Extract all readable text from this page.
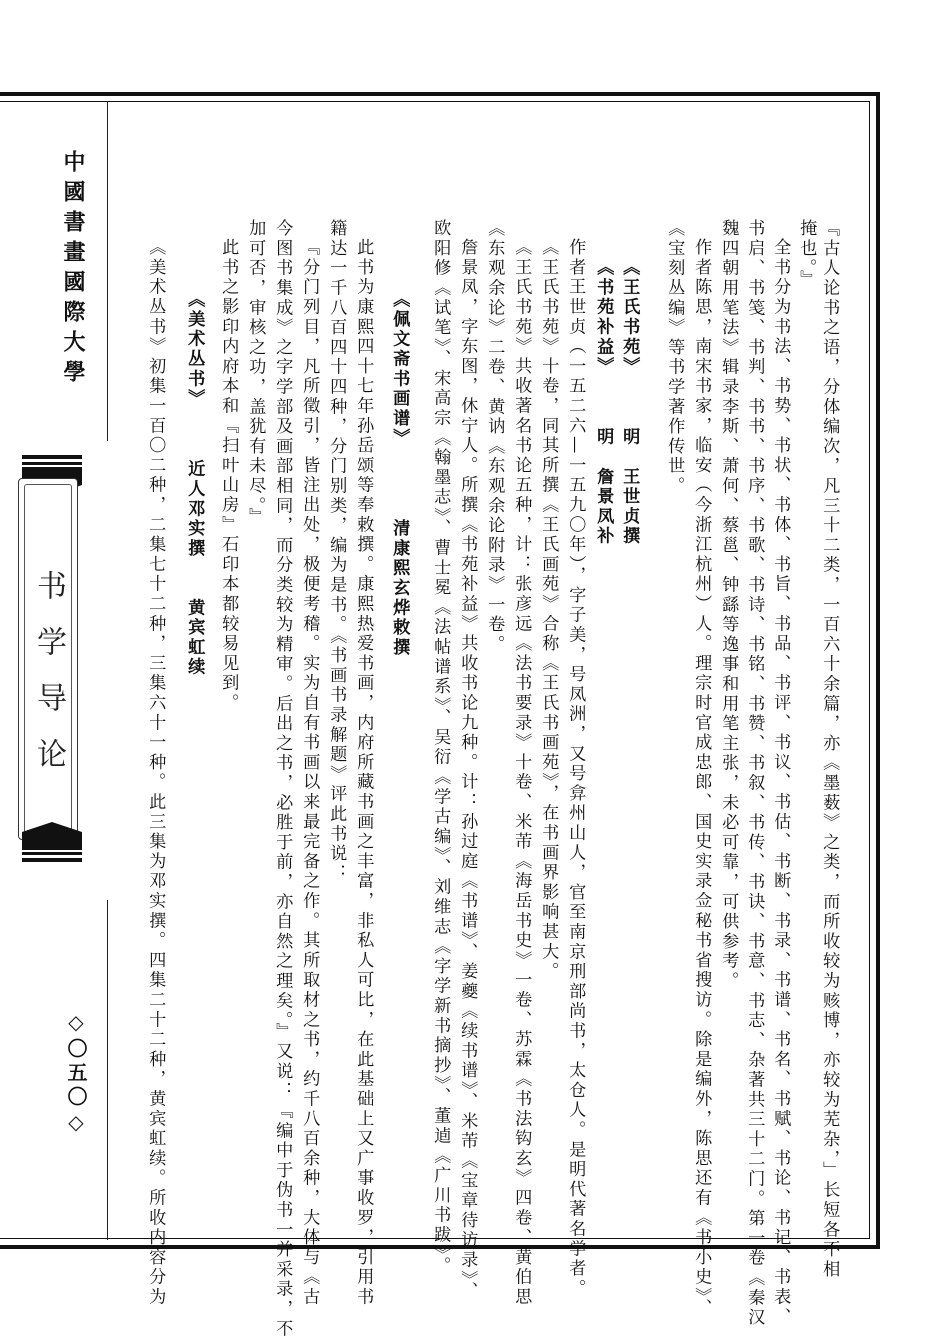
中國書畫國際大學
书学导论
◇〇五〇◇	『古人论书之语，分体编次，凡三十二类，一百六十余篇，亦《墨薮》之类，而所收较为赅博，亦较为芜杂，」长短各不相
掩也。』
全书分为书法、书势、书状、书体、书旨、书品、书评、书议、书估、书断、书录、书谱、书名、书赋、书论、书记、书表、
书启、书笺、书判、书书、书序、书歌、书诗、书铭、书赞、书叙、书传、书诀、书意、书志、杂著共三十二门。第一卷《秦汉
魏四朝用笔法》辑录李斯、萧何、蔡邕、钟繇等逸事和用笔主张，未必可靠，可供参考。
作者陈思，南宋书家，临安（今浙江杭州）人。理宗时官成忠郎、国史实录佥秘书省搜访。除是编外，陈思还有《书小史》、
《宝刻丛编》等书学著作传世。
《王氏书苑》　　　明　王世贞撰
《书苑补益》　　　明　詹景凤补
作者王世贞（一五二六—一五九〇年），字子美，号凤洲，又号弇州山人，官至南京刑部尚书，太仓人。是明代著名学者。
《王氏书苑》十卷，同其所撰《王氏画苑》合称《王氏书画苑》，在书画界影响甚大。
《王氏书苑》共收著名书论五种，计：张彦远《法书要录》十卷、米芾《海岳书史》一卷、苏霖《书法钩玄》四卷、黄伯思
《东观余论》二卷、黄讷《东观余论附录》一卷。
詹景凤，字东图，休宁人。所撰《书苑补益》共收书论九种。计：孙过庭《书谱》、姜夔《续书谱》、米芾《宝章待访录》、
欧阳修《试笔》、宋高宗《翰墨志》、曹士冕《法帖谱系》、吴衍《学古编》、刘维志《字学新书摘抄》、董逌《广川书跋》。
《佩文斋书画谱》　　　　清康熙玄烨敕撰
此书为康熙四十七年孙岳颂等奉敕撰。康熙热爱书画，内府所藏书画之丰富，非私人可比，在此基础上又广事收罗，引用书
籍达一千八百四十四种，分门别类，编为是书。《书画书录解题》评此书说：
『分门列目，凡所徵引，皆注出处，极便考稽。实为自有书画以来最完备之作。其所取材之书，约千八百余种，大体与《古
今图书集成》之字学部及画部相同，而分类较为精审。后出之书，必胜于前，亦自然之理矣。』又说：『编中于伪书一并采录，不
加可否，审核之功，盖犹有未尽。』
此书之影印内府本和『扫叶山房』石印本都较易见到。
《美术丛书》　　　近人邓实撰　　黄宾虹续
《美术丛书》初集一百〇二种，二集七十二种，三集六十一种。此三集为邓实撰。四集二十二种，黄宾虹续。所收内容分为
